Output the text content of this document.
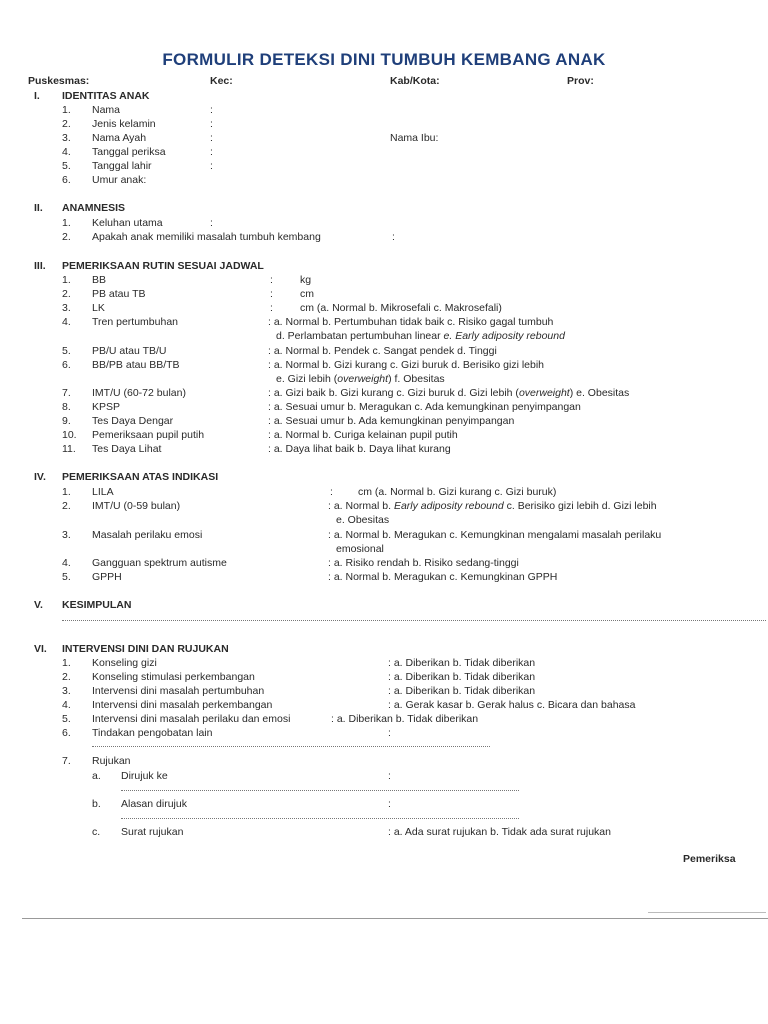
FORMULIR DETEKSI DINI TUMBUH KEMBANG ANAK
Puskesmas:	Kec:	Kab/Kota:	Prov:
I. IDENTITAS ANAK
1. Nama	:
2. Jenis kelamin	:
3. Nama Ayah	:	Nama Ibu:
4. Tanggal periksa	:
5. Tanggal lahir	:
6. Umur anak:
II. ANAMNESIS
1. Keluhan utama	:
2. Apakah anak memiliki masalah tumbuh kembang	:
III. PEMERIKSAAN RUTIN SESUAI JADWAL
1. BB	:	kg
2. PB atau TB	:	cm
3. LK	:	cm (a. Normal b. Mikrosefali c. Makrosefali)
4. Tren pertumbuhan	: a. Normal b. Pertumbuhan tidak baik c. Risiko gagal tumbuh
d. Perlambatan pertumbuhan linear e. Early adiposity rebound
5. PB/U atau TB/U	: a. Normal b. Pendek c. Sangat pendek d. Tinggi
6. BB/PB atau BB/TB	: a. Normal b. Gizi kurang c. Gizi buruk d. Berisiko gizi lebih
e. Gizi lebih (overweight) f. Obesitas
7. IMT/U (60-72 bulan)	: a. Gizi baik b. Gizi kurang c. Gizi buruk d. Gizi lebih (overweight) e. Obesitas
8. KPSP	: a. Sesuai umur b. Meragukan c. Ada kemungkinan penyimpangan
9. Tes Daya Dengar	: a. Sesuai umur b. Ada kemungkinan penyimpangan
10. Pemeriksaan pupil putih	: a. Normal b. Curiga kelainan pupil putih
11. Tes Daya Lihat	: a. Daya lihat baik b. Daya lihat kurang
IV. PEMERIKSAAN ATAS INDIKASI
1. LILA	: cm (a. Normal b. Gizi kurang c. Gizi buruk)
2. IMT/U (0-59 bulan)	: a. Normal b. Early adiposity rebound c. Berisiko gizi lebih d. Gizi lebih
e. Obesitas
3. Masalah perilaku emosi	: a. Normal b. Meragukan c. Kemungkinan mengalami masalah perilaku
emosional
4. Gangguan spektrum autisme	: a. Risiko rendah b. Risiko sedang-tinggi
5. GPPH	: a. Normal b. Meragukan c. Kemungkinan GPPH
V. KESIMPULAN
VI. INTERVENSI DINI DAN RUJUKAN
1. Konseling gizi	: a. Diberikan b. Tidak diberikan
2. Konseling stimulasi perkembangan	: a. Diberikan b. Tidak diberikan
3. Intervensi dini masalah pertumbuhan	: a. Diberikan b. Tidak diberikan
4. Intervensi dini masalah perkembangan	: a. Gerak kasar b. Gerak halus c. Bicara dan bahasa
5. Intervensi dini masalah perilaku dan emosi	: a. Diberikan b. Tidak diberikan
6. Tindakan pengobatan lain	:
7. Rujukan
a. Dirujuk ke	:
b. Alasan dirujuk	:
c. Surat rujukan	: a. Ada surat rujukan b. Tidak ada surat rujukan
Pemeriksa
